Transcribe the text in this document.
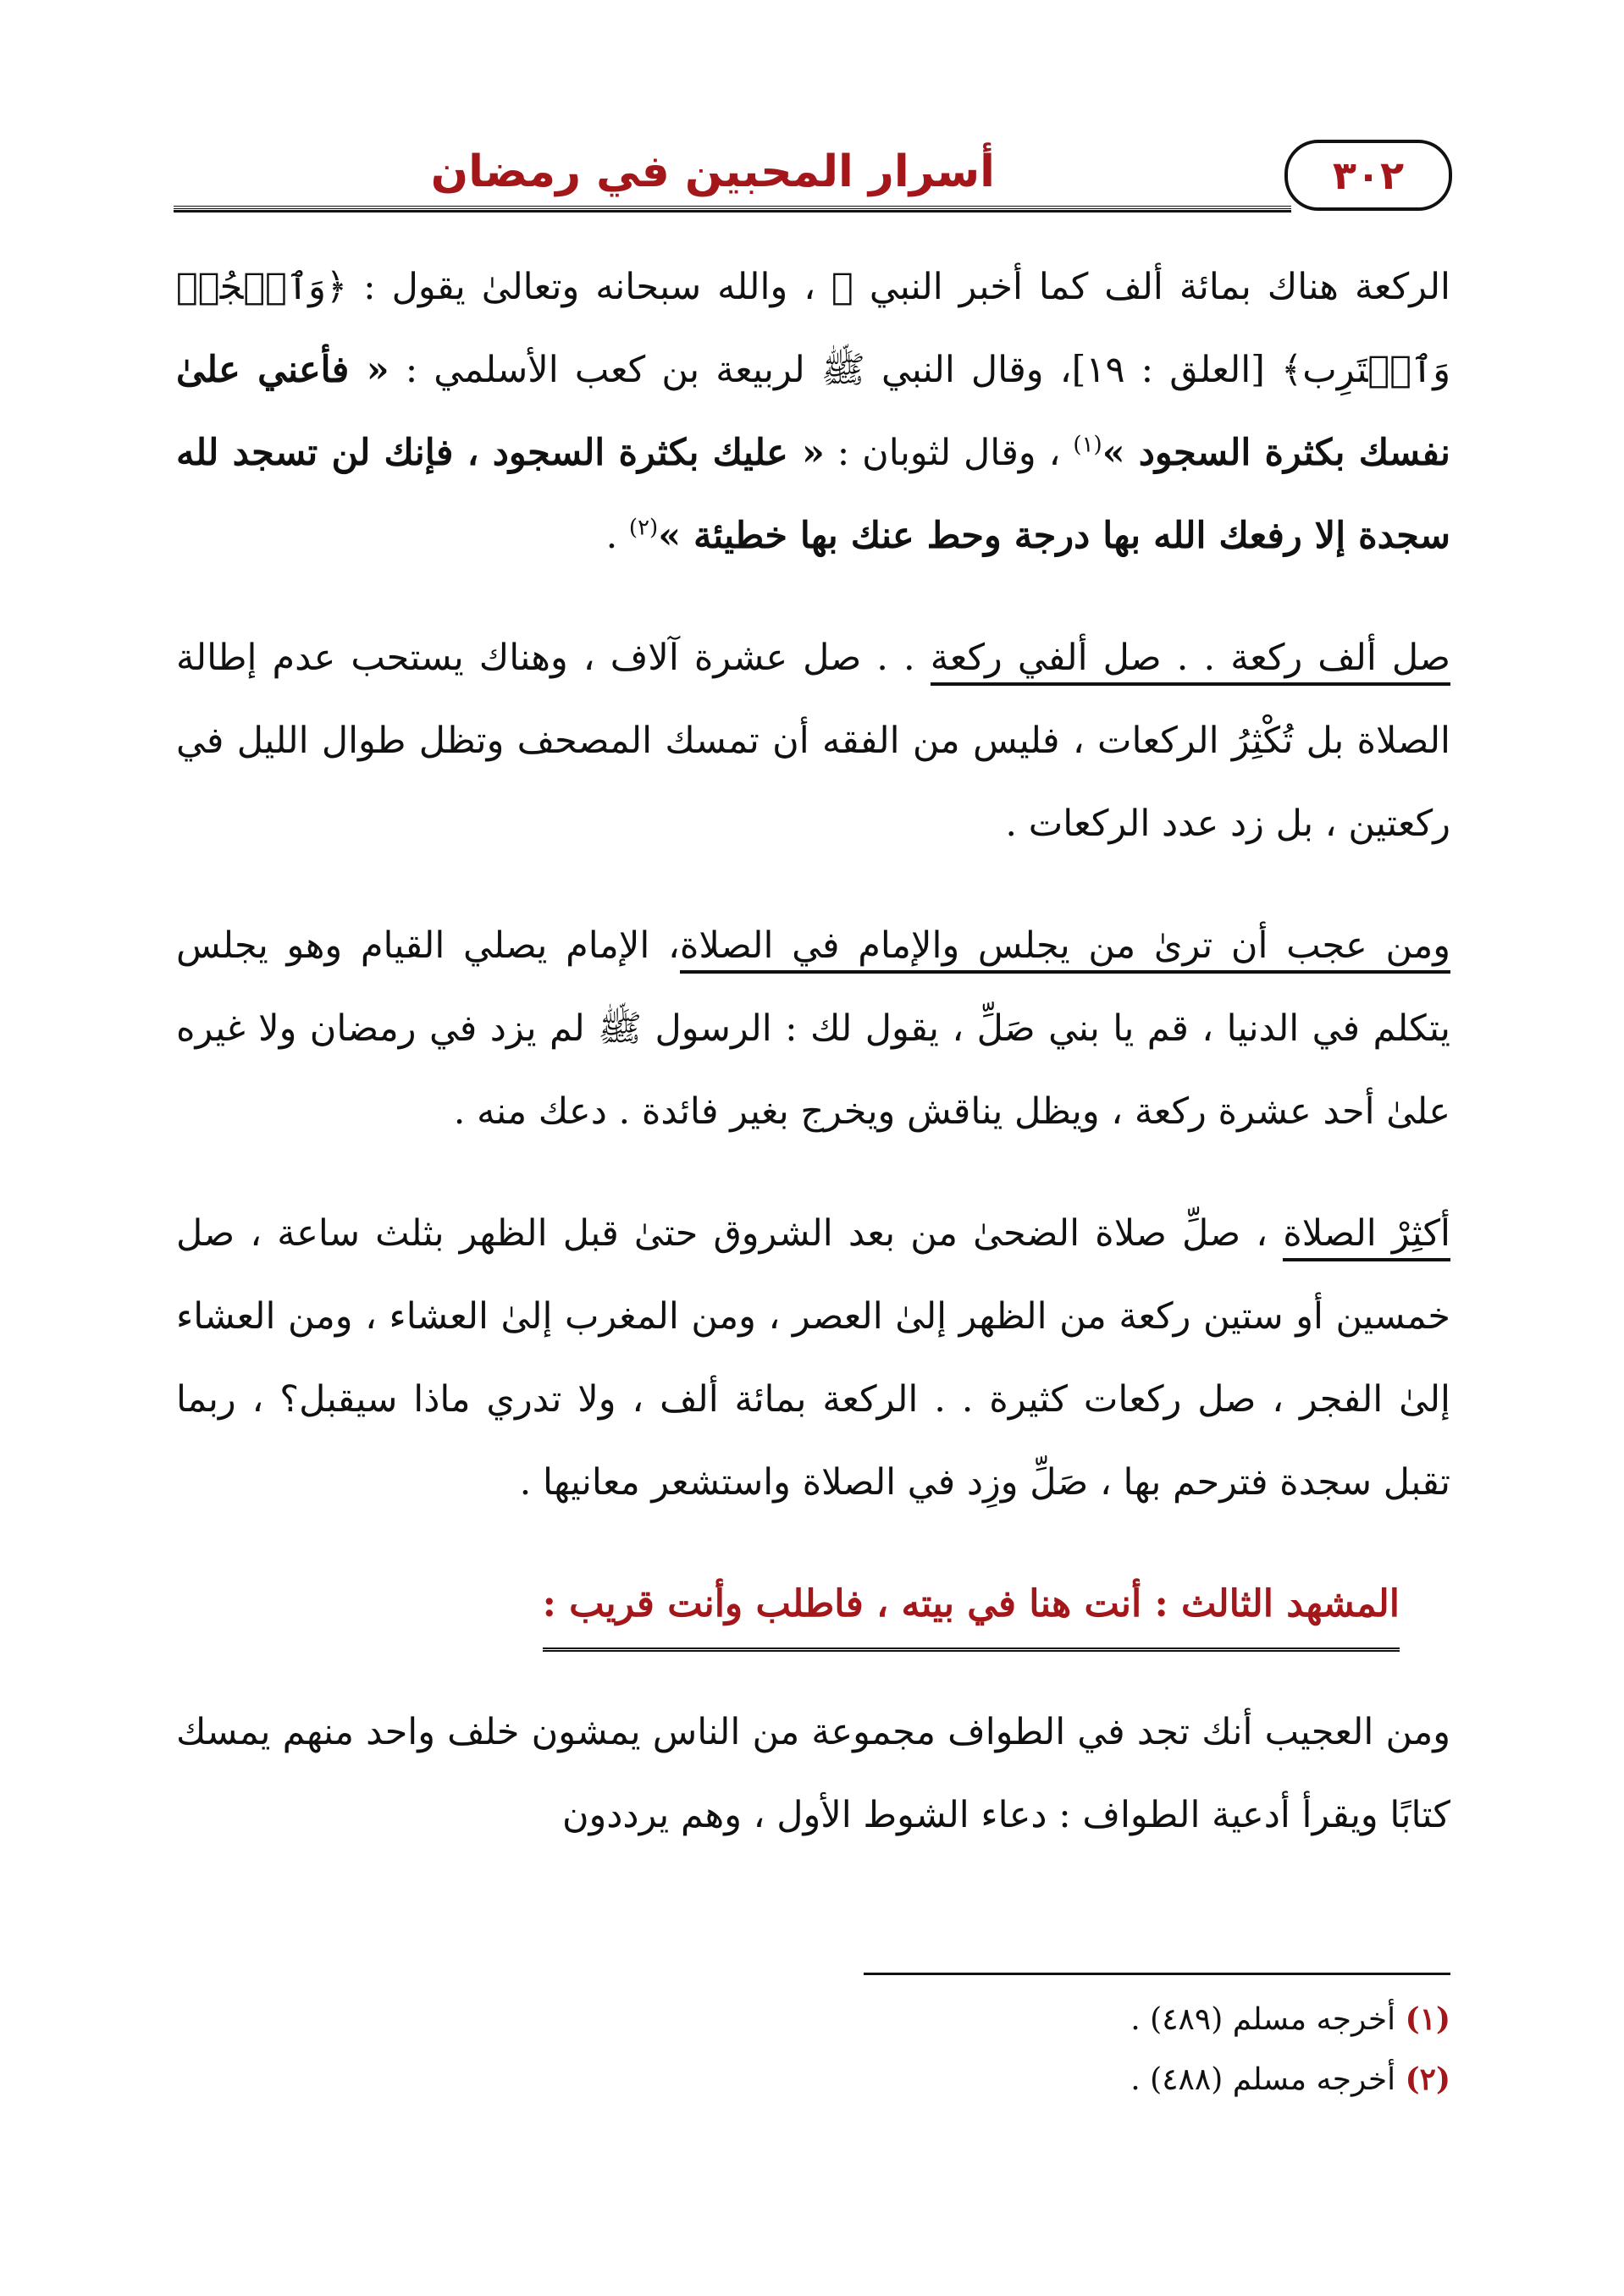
٣٠٢
أسرار المحبين في رمضان

الركعة هناك بمائة ألف كما أخبر النبي ﷺ ، والله سبحانه وتعالىٰ يقول : ﴿وَٱسۡجُدۡ وَٱقۡتَرِب﴾ [العلق : ١٩]، وقال النبي ﷺ لربيعة بن كعب الأسلمي : « فأعني علىٰ نفسك بكثرة السجود »$^{(١)}$ ، وقال لثوبان : « عليك بكثرة السجود ، فإنك لن تسجد لله سجدة إلا رفعك الله بها درجة وحط عنك بها خطيئة »$^{(٢)}$ .

صل ألف ركعة . . صل ألفي ركعة . . صل عشرة آلاف ، وهناك يستحب عدم إطالة الصلاة بل تُكْثِرُ الركعات ، فليس من الفقه أن تمسك المصحف وتظل طوال الليل في ركعتين ، بل زد عدد الركعات .

ومن عجب أن ترىٰ من يجلس والإمام في الصلاة، الإمام يصلي القيام وهو يجلس يتكلم في الدنيا ، قم يا بني صَلِّ ، يقول لك : الرسول ﷺ لم يزد في رمضان ولا غيره علىٰ أحد عشرة ركعة ، ويظل يناقش ويخرج بغير فائدة . دعك منه .

أكثِرْ الصلاة ، صلِّ صلاة الضحىٰ من بعد الشروق حتىٰ قبل الظهر بثلث ساعة ، صل خمسين أو ستين ركعة من الظهر إلىٰ العصر ، ومن المغرب إلىٰ العشاء ، ومن العشاء إلىٰ الفجر ، صل ركعات كثيرة . . الركعة بمائة ألف ، ولا تدري ماذا سيقبل؟ ، ربما تقبل سجدة فترحم بها ، صَلِّ وزِد في الصلاة واستشعر معانيها .

المشهد الثالث : أنت هنا في بيته ، فاطلب وأنت قريب :

ومن العجيب أنك تجد في الطواف مجموعة من الناس يمشون خلف واحد منهم يمسك كتابًا ويقرأ أدعية الطواف : دعاء الشوط الأول ، وهم يرددون

(١) أخرجه مسلم (٤٨٩) .
(٢) أخرجه مسلم (٤٨٨) .
